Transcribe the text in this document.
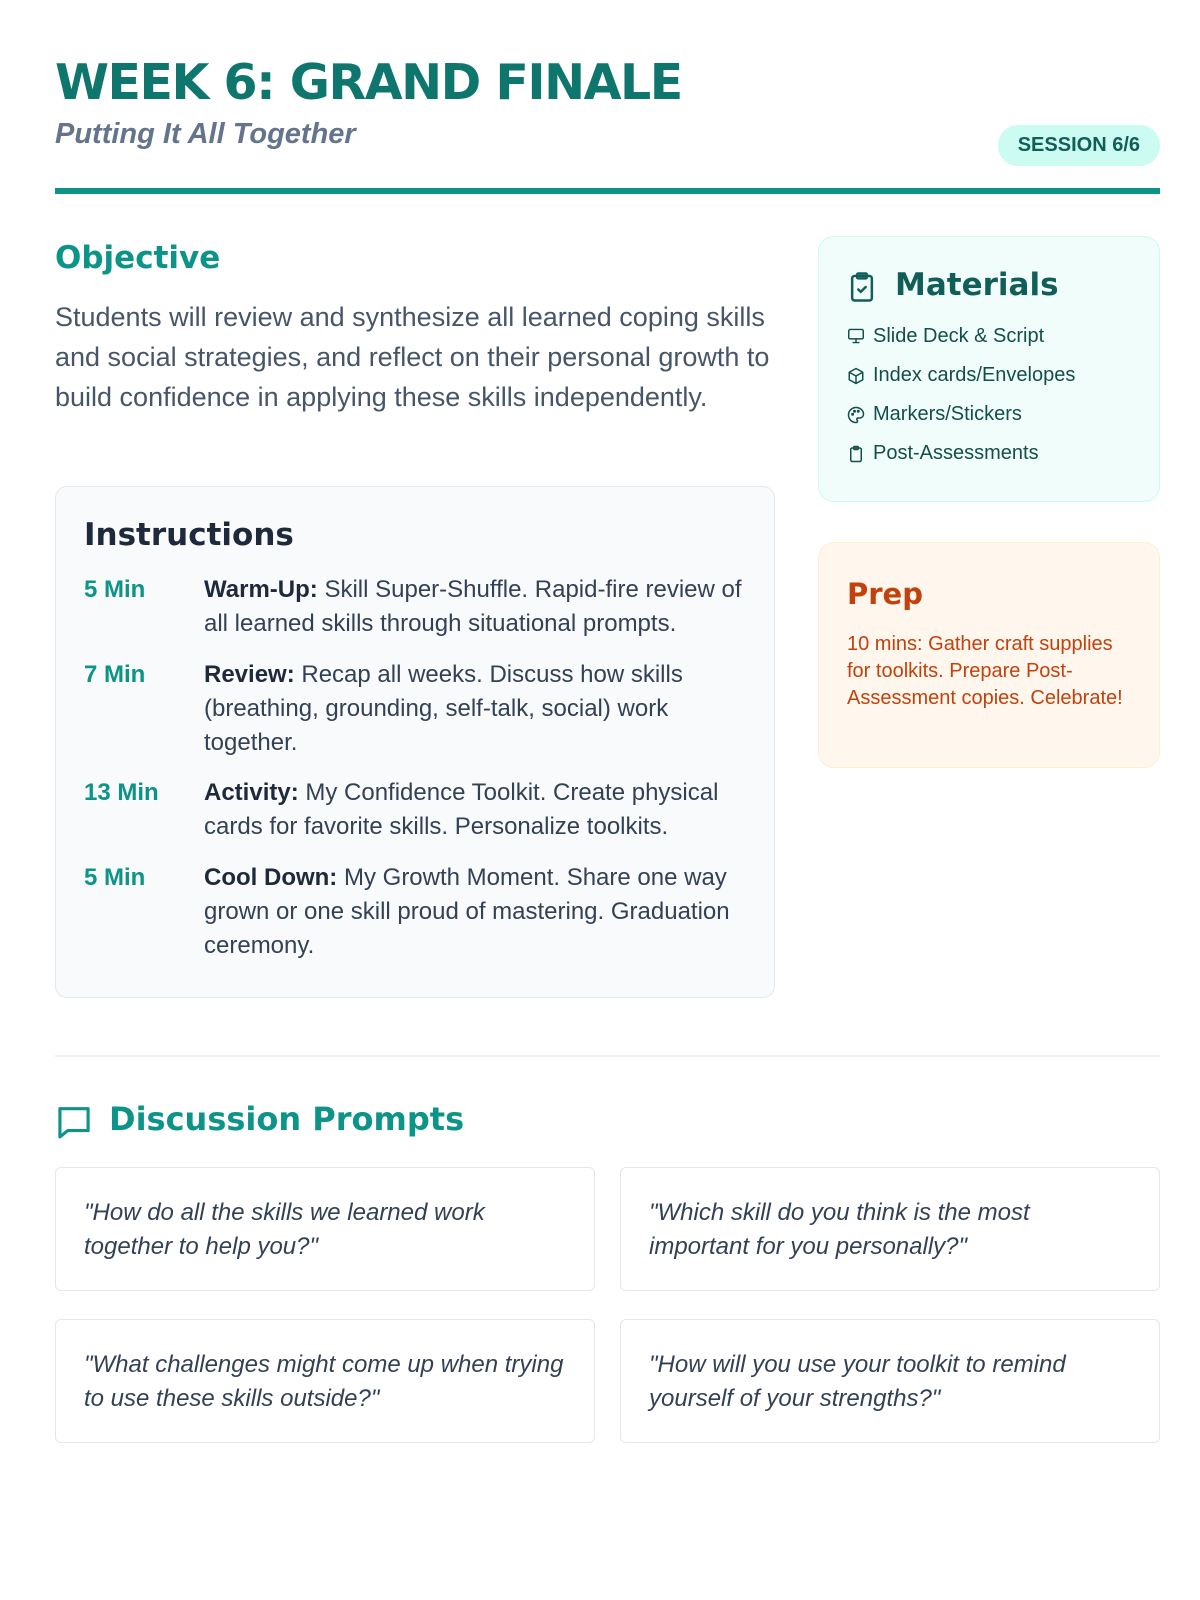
WEEK 6: GRAND FINALE
Putting It All Together	SESSION 6/6
Objective

Students will review and synthesize all learned coping skills and social strategies, and reflect on their personal growth to build confidence in applying these skills independently.

Instructions
5 Min Warm-Up: Skill Super-Shuffle. Rapid-fire review of all learned skills through situational prompts.
7 Min Review: Recap all weeks. Discuss how skills (breathing, grounding, self-talk, social) work together.
13 Min Activity: My Confidence Toolkit. Create physical cards for favorite skills. Personalize toolkits.
5 Min Cool Down: My Growth Moment. Share one way grown or one skill proud of mastering. Graduation ceremony.
Materials
Slide Deck & Script
Index cards/Envelopes
Markers/Stickers
Post-Assessments
Prep

10 mins: Gather craft supplies for toolkits. Prepare Post-Assessment copies. Celebrate!

Discussion Prompts
"How do all the skills we learned work together to help you?"
"Which skill do you think is the most important for you personally?"
"What challenges might come up when trying to use these skills outside?"
"How will you use your toolkit to remind yourself of your strengths?"
